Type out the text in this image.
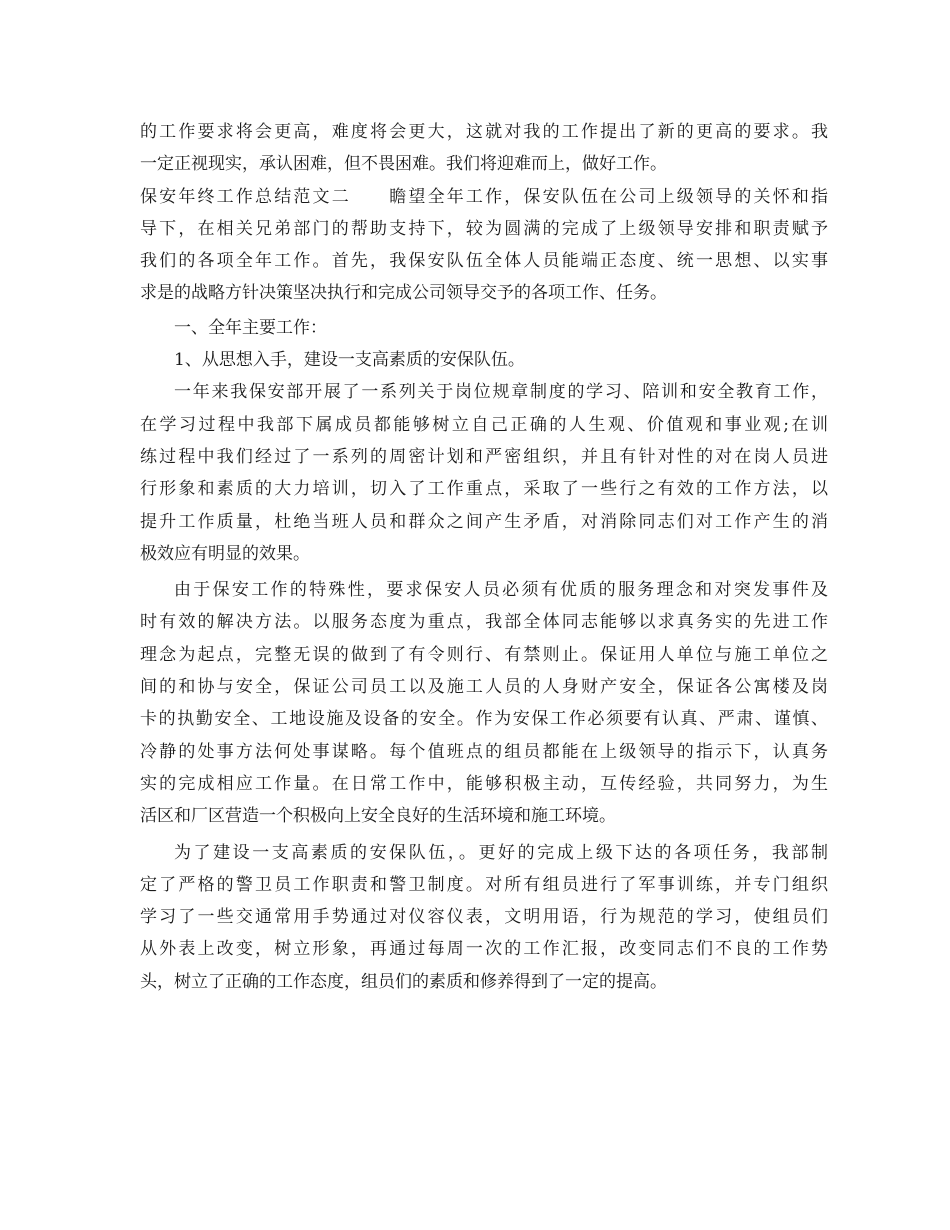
的工作要求将会更高，难度将会更大，这就对我的工作提出了新的更高的要求。我
一定正视现实，承认困难，但不畏困难。我们将迎难而上，做好工作。
保安年终工作总结范文二　　瞻望全年工作，保安队伍在公司上级领导的关怀和指
导下，在相关兄弟部门的帮助支持下，较为圆满的完成了上级领导安排和职责赋予
我们的各项全年工作。首先，我保安队伍全体人员能端正态度、统一思想、以实事
求是的战略方针决策坚决执行和完成公司领导交予的各项工作、任务。
一、全年主要工作：
1、从思想入手，建设一支高素质的安保队伍。
一年来我保安部开展了一系列关于岗位规章制度的学习、陪训和安全教育工作，
在学习过程中我部下属成员都能够树立自己正确的人生观、价值观和事业观;在训
练过程中我们经过了一系列的周密计划和严密组织，并且有针对性的对在岗人员进
行形象和素质的大力培训，切入了工作重点，采取了一些行之有效的工作方法，以
提升工作质量，杜绝当班人员和群众之间产生矛盾，对消除同志们对工作产生的消
极效应有明显的效果。
由于保安工作的特殊性，要求保安人员必须有优质的服务理念和对突发事件及
时有效的解决方法。以服务态度为重点，我部全体同志能够以求真务实的先进工作
理念为起点，完整无误的做到了有令则行、有禁则止。保证用人单位与施工单位之
间的和协与安全，保证公司员工以及施工人员的人身财产安全，保证各公寓楼及岗
卡的执勤安全、工地设施及设备的安全。作为安保工作必须要有认真、严肃、谨慎、
冷静的处事方法何处事谋略。每个值班点的组员都能在上级领导的指示下，认真务
实的完成相应工作量。在日常工作中，能够积极主动，互传经验，共同努力，为生
活区和厂区营造一个积极向上安全良好的生活环境和施工环境。
为了建设一支高素质的安保队伍，。更好的完成上级下达的各项任务，我部制
定了严格的警卫员工作职责和警卫制度。对所有组员进行了军事训练，并专门组织
学习了一些交通常用手势通过对仪容仪表，文明用语，行为规范的学习，使组员们
从外表上改变，树立形象，再通过每周一次的工作汇报，改变同志们不良的工作势
头，树立了正确的工作态度，组员们的素质和修养得到了一定的提高。
